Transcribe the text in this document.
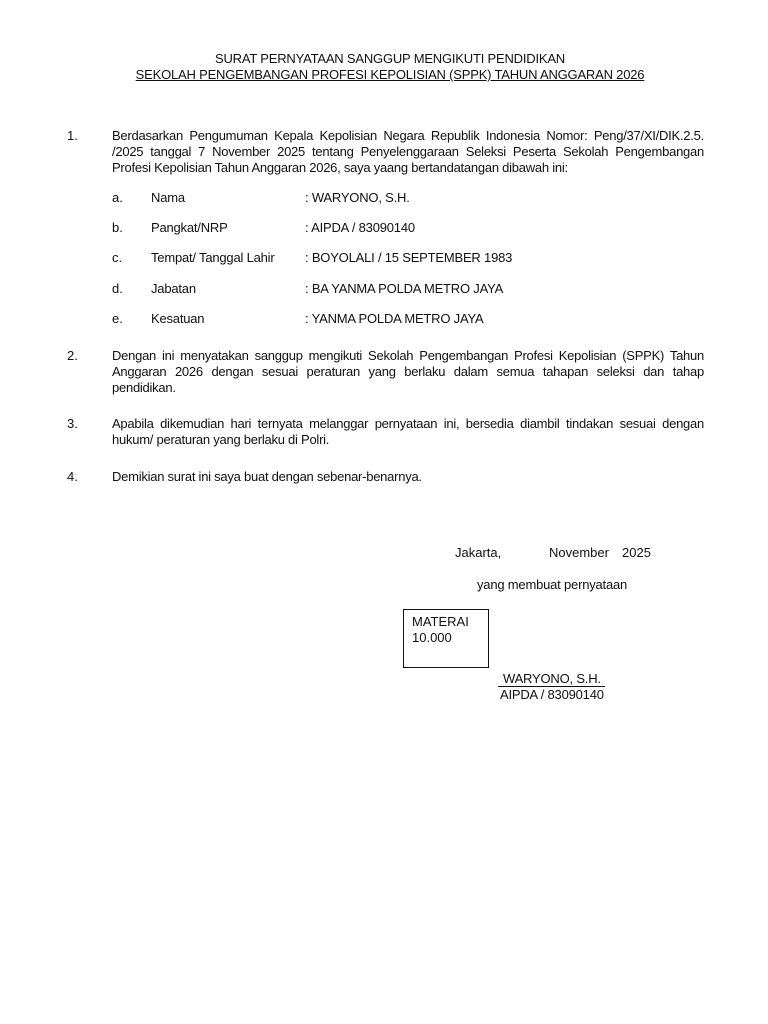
SURAT PERNYATAAN SANGGUP MENGIKUTI PENDIDIKAN
SEKOLAH PENGEMBANGAN PROFESI KEPOLISIAN (SPPK) TAHUN ANGGARAN 2026
1.	Berdasarkan Pengumuman Kepala Kepolisian Negara Republik Indonesia Nomor: Peng/37/XI/DIK.2.5. /2025 tanggal 7 November 2025 tentang Penyelenggaraan Seleksi Peserta Sekolah Pengembangan Profesi Kepolisian Tahun Anggaran 2026, saya yaang bertandatangan dibawah ini:
a. Nama	: WARYONO, S.H.
b. Pangkat/NRP	: AIPDA / 83090140
c. Tempat/ Tanggal Lahir : BOYOLALI / 15 SEPTEMBER 1983
d. Jabatan	: BA YANMA POLDA METRO JAYA
e. Kesatuan	: YANMA POLDA METRO JAYA
2.	Dengan ini menyatakan sanggup mengikuti Sekolah Pengembangan Profesi Kepolisian (SPPK) Tahun Anggaran 2026 dengan sesuai peraturan yang berlaku dalam semua tahapan seleksi dan tahap pendidikan.
3.	Apabila dikemudian hari ternyata melanggar pernyataan ini, bersedia diambil tindakan sesuai dengan hukum/ peraturan yang berlaku di Polri.
4.	Demikian surat ini saya buat dengan sebenar-benarnya.
Jakarta,	November 2025
yang membuat pernyataan
MATERAI
10.000
WARYONO, S.H.
AIPDA / 83090140
